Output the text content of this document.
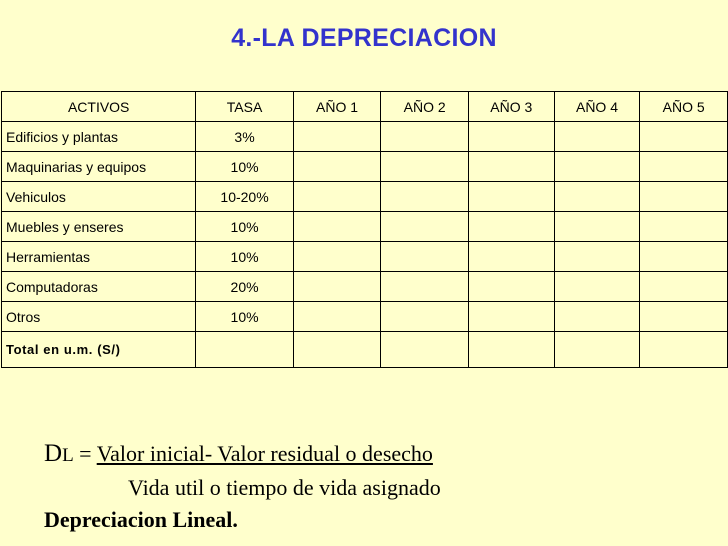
4.-LA DEPRECIACION
ACTIVOS	TASA	AÑO 1	AÑO 2	AÑO 3	AÑO 4	AÑO 5
Edificios y plantas	3%					
Maquinarias y equipos	10%					
Vehiculos	10-20%					
Muebles y enseres	10%					
Herramientas	10%					
Computadoras	20%					
Otros	10%					
Total en u.m. (S/)						
DL = Valor inicial- Valor residual o desecho
Vida util o tiempo de vida asignado
Depreciacion Lineal.
